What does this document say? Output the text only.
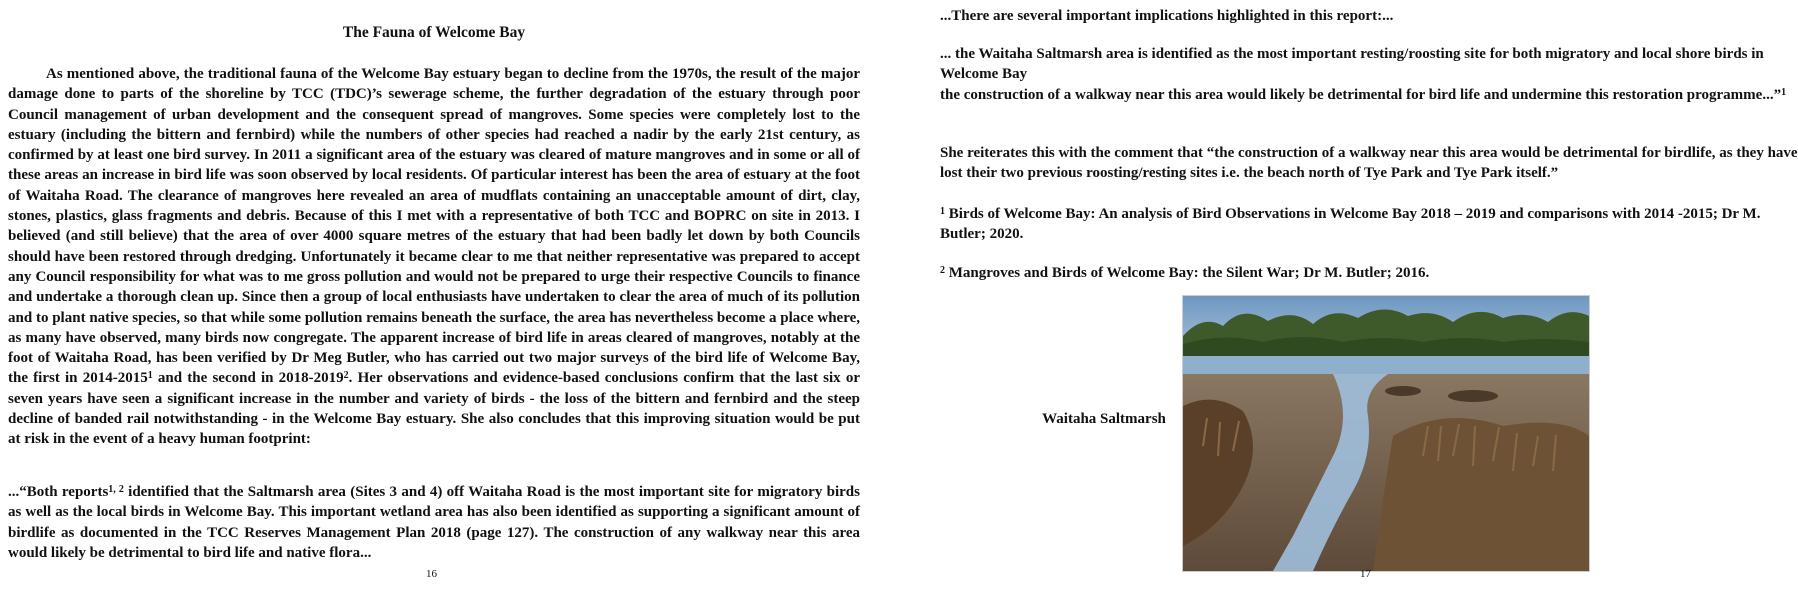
The Fauna of Welcome Bay

As mentioned above, the traditional fauna of the Welcome Bay estuary began to decline from the 1970s, the result of the major damage done to parts of the shoreline by TCC (TDC)’s sewerage scheme, the further degradation of the estuary through poor Council management of urban development and the consequent spread of mangroves. Some species were completely lost to the estuary (including the bittern and fernbird) while the numbers of other species had reached a nadir by the early 21st century, as confirmed by at least one bird survey. In 2011 a significant area of the estuary was cleared of mature mangroves and in some or all of these areas an increase in bird life was soon observed by local residents. Of particular interest has been the area of estuary at the foot of Waitaha Road. The clearance of mangroves here revealed an area of mudflats containing an unacceptable amount of dirt, clay, stones, plastics, glass fragments and debris. Because of this I met with a representative of both TCC and BOPRC on site in 2013. I believed (and still believe) that the area of over 4000 square metres of the estuary that had been badly let down by both Councils should have been restored through dredging. Unfortunately it became clear to me that neither representative was prepared to accept any Council responsibility for what was to me gross pollution and would not be prepared to urge their respective Councils to finance and undertake a thorough clean up. Since then a group of local enthusiasts have undertaken to clear the area of much of its pollution and to plant native species, so that while some pollution remains beneath the surface, the area has nevertheless become a place where, as many have observed, many birds now congregate. The apparent increase of bird life in areas cleared of mangroves, notably at the foot of Waitaha Road, has been verified by Dr Meg Butler, who has carried out two major surveys of the bird life of Welcome Bay, the first in 2014-2015$^1$ and the second in 2018-2019$^2$. Her observations and evidence-based conclusions confirm that the last six or seven years have seen a significant increase in the number and variety of birds - the loss of the bittern and fernbird and the steep decline of banded rail notwithstanding - in the Welcome Bay estuary. She also concludes that this improving situation would be put at risk in the event of a heavy human footprint:

...“Both reports$^{1, 2}$ identified that the Saltmarsh area (Sites 3 and 4) off Waitaha Road is the most important site for migratory birds as well as the local birds in Welcome Bay. This important wetland area has also been identified as supporting a significant amount of birdlife as documented in the TCC Reserves Management Plan 2018 (page 127). The construction of any walkway near this area would likely be detrimental to bird life and native flora...

16

...There are several important implications highlighted in this report:...

... the Waitaha Saltmarsh area is identified as the most important resting/roosting site for both migratory and local shore birds in Welcome Bay
the construction of a walkway near this area would likely be detrimental for bird life and undermine this restoration programme...”$^1$

She reiterates this with the comment that “the construction of a walkway near this area would be detrimental for birdlife, as they have lost their two previous roosting/resting sites i.e. the beach north of Tye Park and Tye Park itself.”

$^1$ Birds of Welcome Bay: An analysis of Bird Observations in Welcome Bay 2018 – 2019 and comparisons with 2014 -2015; Dr M. Butler; 2020.

$^2$ Mangroves and Birds of Welcome Bay: the Silent War; Dr M. Butler; 2016.

Waitaha Saltmarsh
17
